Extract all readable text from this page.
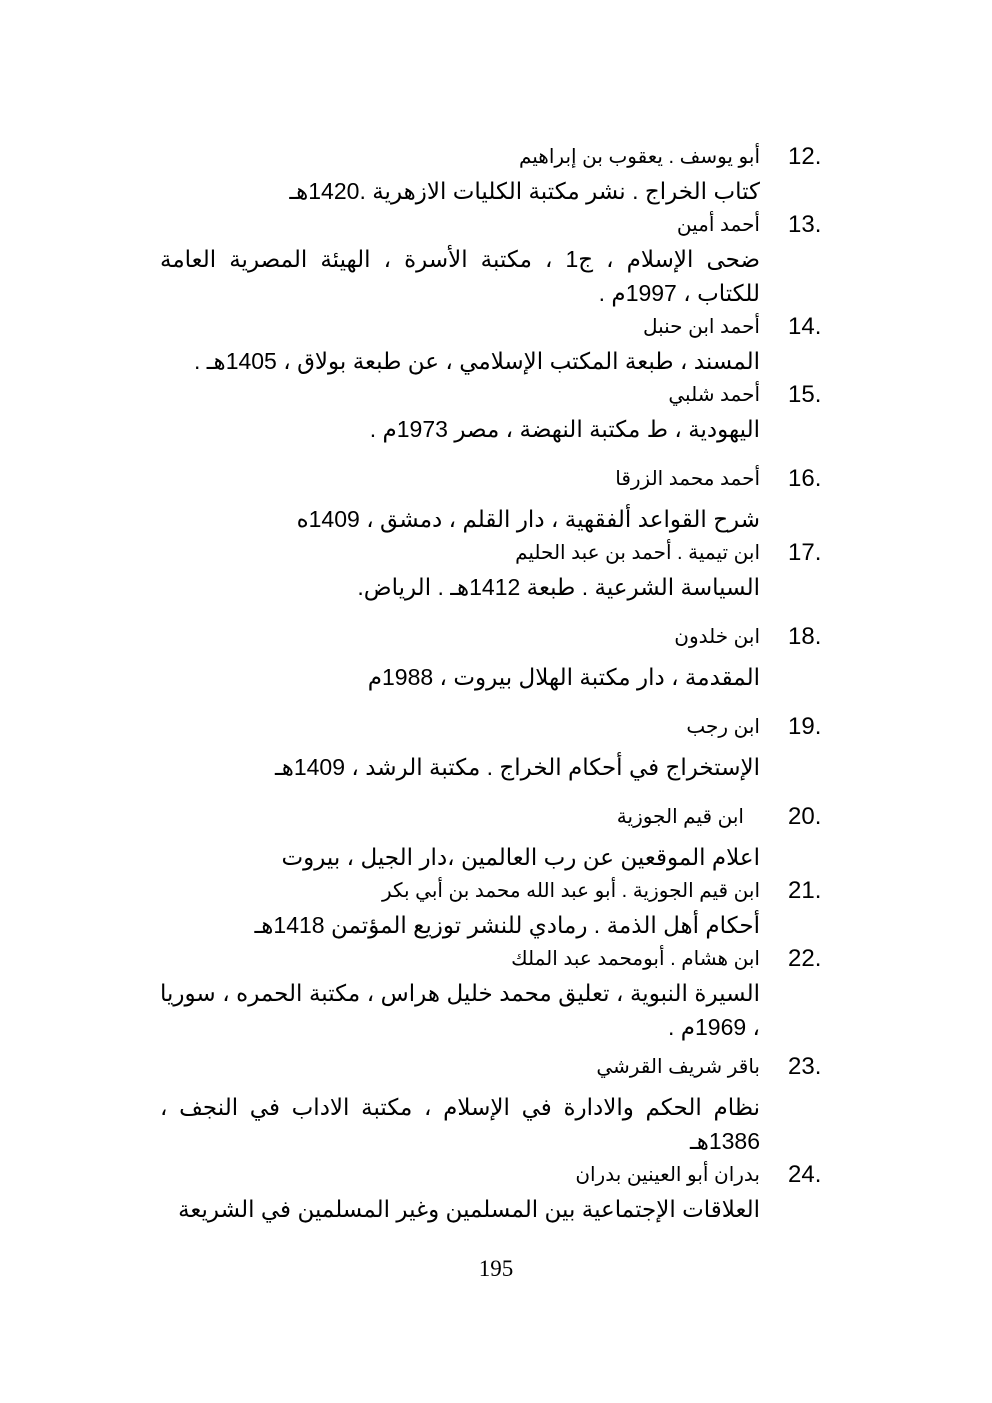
12.
أبو يوسف . يعقوب بن إبراهيم
كتاب الخراج . نشر مكتبة الكليات الازهرية .1420هـ
13.
أحمد أمين
ضحى الإسلام ، ج1 ، مكتبة الأسرة ، الهيئة المصرية العامة للكتاب ، 1997م .
14.
أحمد ابن حنبل
المسند ، طبعة المكتب الإسلامي ، عن طبعة بولاق ، 1405هـ .
15.
أحمد شلبي
اليهودية ، ط مكتبة النهضة ، مصر 1973م .
16.
أحمد محمد الزرقا
شرح القواعد ألفقهية ، دار القلم ، دمشق ، 1409ه
17.
ابن تيمية . أحمد بن عبد الحليم
السياسة الشرعية . طبعة 1412هـ . الرياض.
18.
ابن خلدون
المقدمة ، دار مكتبة الهلال بيروت ، 1988م
19.
ابن رجب
الإستخراج في أحكام الخراج . مكتبة الرشد ، 1409هـ
20.
ابن قيم الجوزية
اعلام الموقعين عن رب العالمين ،دار الجيل ، بيروت
21.
ابن قيم الجوزية . أبو عبد الله محمد بن أبي بكر
أحكام أهل الذمة . رمادي للنشر توزيع المؤتمن 1418هـ
22.
ابن هشام . أبومحمد عبد الملك
السيرة النبوية ، تعليق محمد خليل هراس ، مكتبة الحمره ، سوريا ، 1969م .
23.
باقر شريف القرشي
نظام الحكم والادارة في الإسلام ، مكتبة الاداب في النجف ، 1386هـ
24.
بدران أبو العينين بدران
العلاقات الإجتماعية بين المسلمين وغير المسلمين في الشريعة
195
